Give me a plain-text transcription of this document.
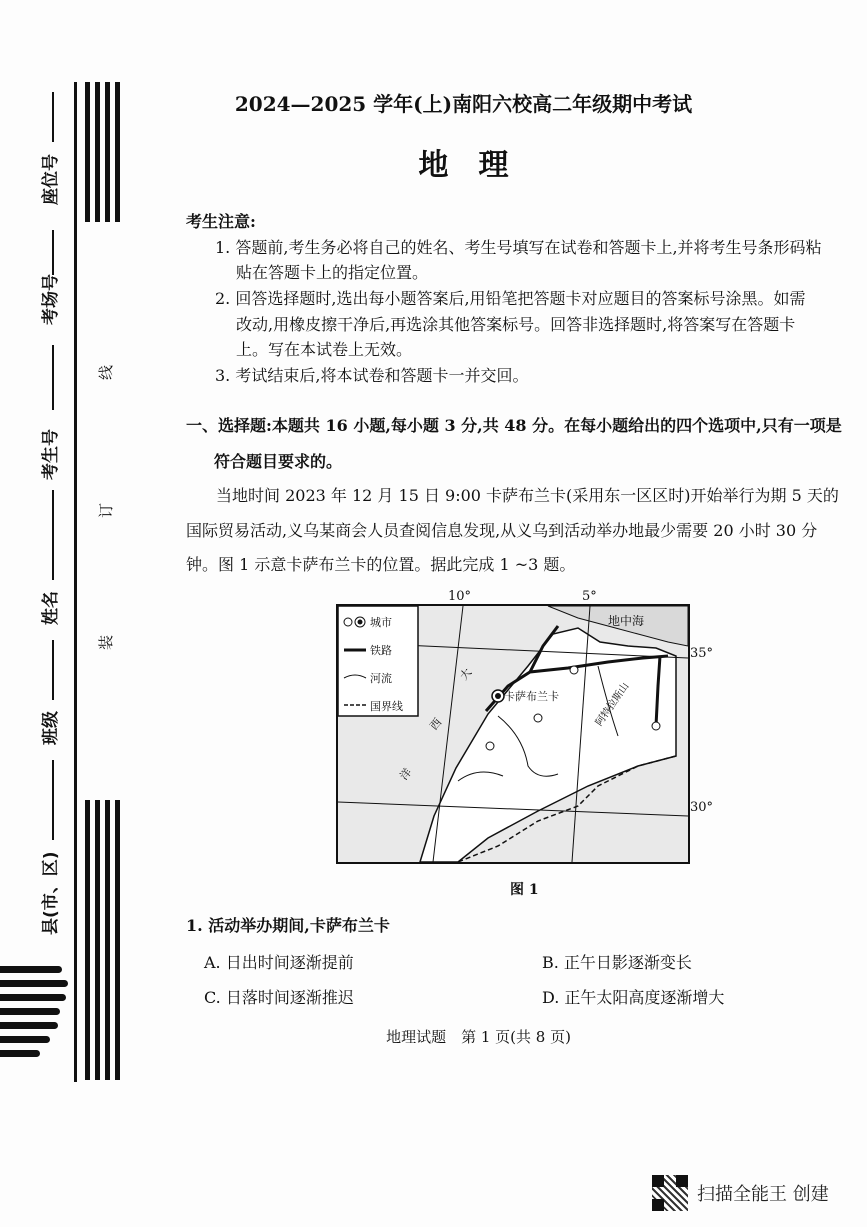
座位号
考场号
考生号
姓名
班级
县(市、区)
线
订
装
2024—2025 学年(上)南阳六校高二年级期中考试
地理
考生注意:
1. 答题前,考生务必将自己的姓名、考生号填写在试卷和答题卡上,并将考生号条形码粘
贴在答题卡上的指定位置。
2. 回答选择题时,选出每小题答案后,用铅笔把答题卡对应题目的答案标号涂黑。如需
改动,用橡皮擦干净后,再选涂其他答案标号。回答非选择题时,将答案写在答题卡
上。写在本试卷上无效。
3. 考试结束后,将本试卷和答题卡一并交回。
一、选择题:本题共 16 小题,每小题 3 分,共 48 分。在每小题给出的四个选项中,只有一项是
符合题目要求的。
当地时间 2023 年 12 月 15 日 9:00 卡萨布兰卡(采用东一区区时)开始举行为期 5 天的
国际贸易活动,义乌某商会人员查阅信息发现,从义乌到活动举办地最少需要 20 小时 30 分
钟。图 1 示意卡萨布兰卡的位置。据此完成 1 ~3 题。
10°	5°
35°
30°
城市
铁路
河流
国界线
地中海
卡萨布兰卡
大
西
洋
阿特拉斯山
图 1
1. 活动举办期间,卡萨布兰卡
A. 日出时间逐渐提前	B. 正午日影逐渐变长
C. 日落时间逐渐推迟	D. 正午太阳高度逐渐增大
地理试题　第 1 页(共 8 页)
扫描全能王 创建
